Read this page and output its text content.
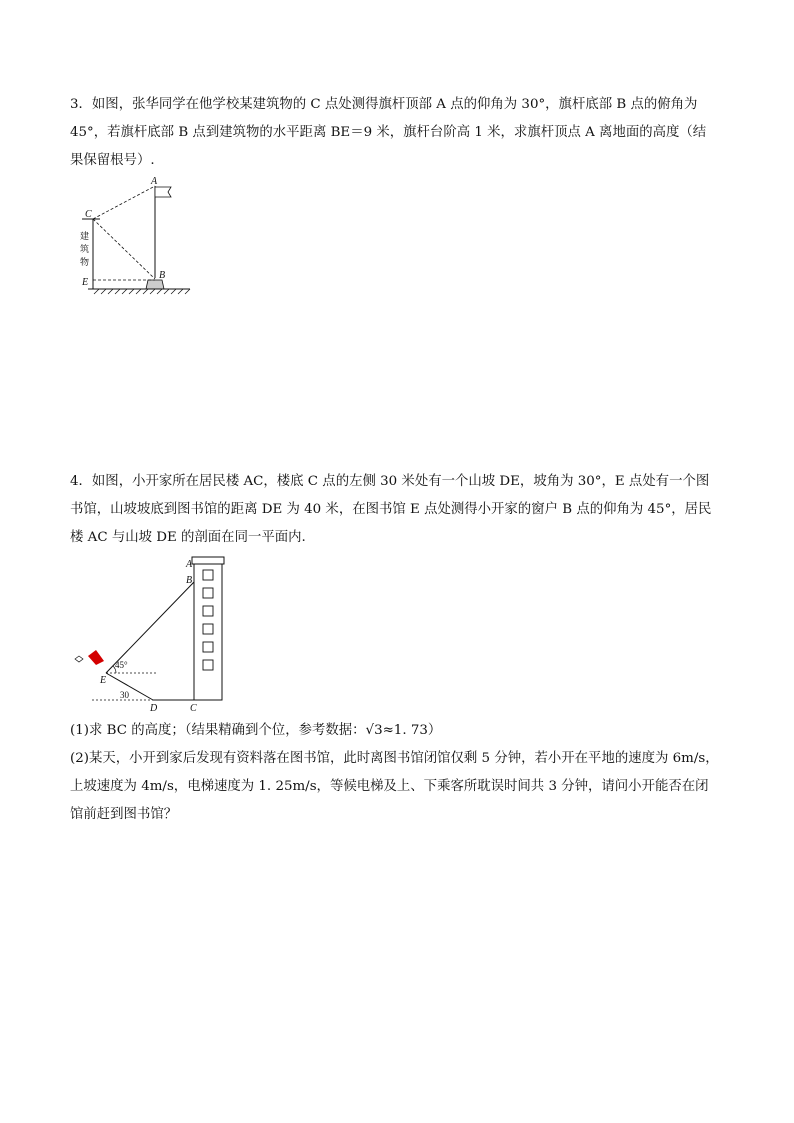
3．如图，张华同学在他学校某建筑物的 C 点处测得旗杆顶部 A 点的仰角为 30°，旗杆底部 B 点的俯角为
45°，若旗杆底部 B 点到建筑物的水平距离 BE＝9 米，旗杆台阶高 1 米，求旗杆顶点 A 离地面的高度（结
果保留根号）.
建
筑
物
A
C
E
B
4．如图，小开家所在居民楼 AC，楼底 C 点的左侧 30 米处有一个山坡 DE，坡角为 30°，E 点处有一个图
书馆，山坡坡底到图书馆的距离 DE 为 40 米，在图书馆 E 点处测得小开家的窗户 B 点的仰角为 45°，居民
楼 AC 与山坡 DE 的剖面在同一平面内.
A
B
E
D	C
45°
30
(1)求 BC 的高度；（结果精确到个位，参考数据：√3≈1. 73）
(2)某天，小开到家后发现有资料落在图书馆，此时离图书馆闭馆仅剩 5 分钟，若小开在平地的速度为 6m/s，
上坡速度为 4m/s，电梯速度为 1. 25m/s，等候电梯及上、下乘客所耽误时间共 3 分钟，请问小开能否在闭
馆前赶到图书馆？
